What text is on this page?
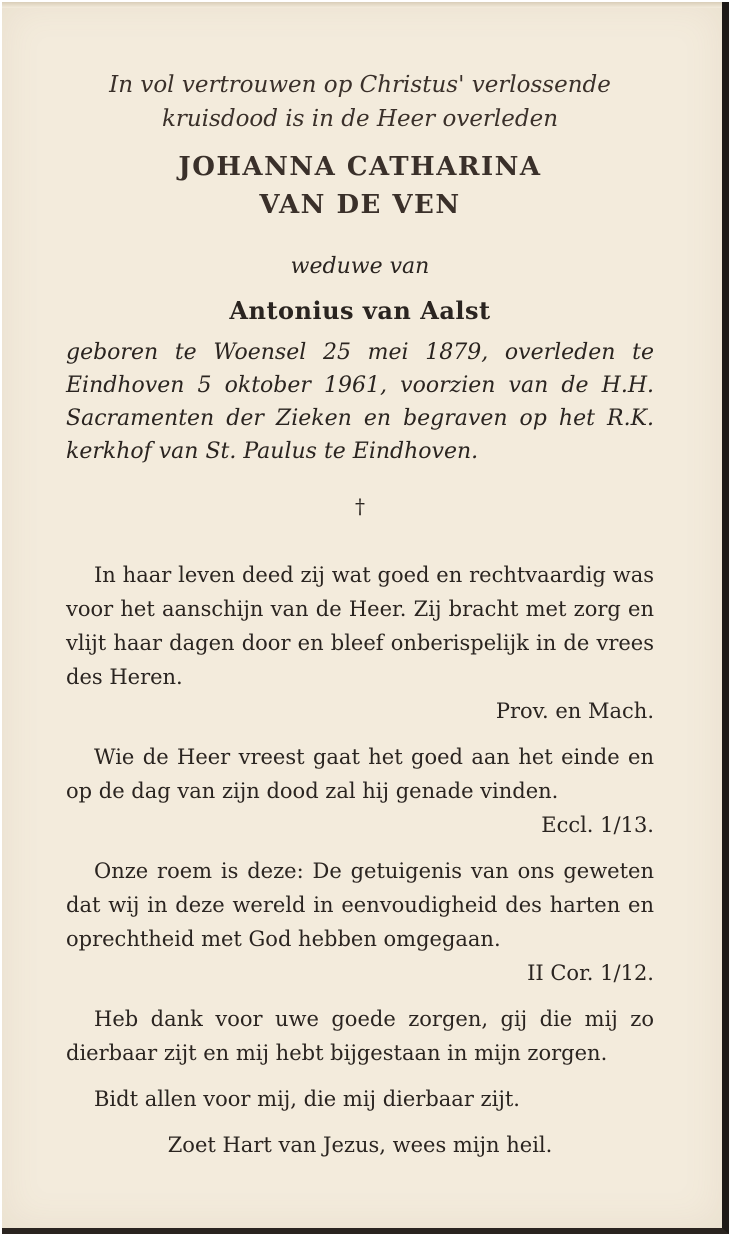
In vol vertrouwen op Christus' verlossende
kruisdood is in de Heer overleden

JOHANNA CATHARINA
VAN DE VEN

weduwe van

Antonius van Aalst

geboren te Woensel 25 mei 1879, overleden te Eindhoven 5 oktober 1961, voorzien van de H.H. Sacramenten der Zieken en begraven op het R.K. kerkhof van St. Paulus te Eindhoven.

†

In haar leven deed zij wat goed en rechtvaardig was voor het aanschijn van de Heer. Zij bracht met zorg en vlijt haar dagen door en bleef onberispelijk in de vrees des Heren.
Prov. en Mach.

Wie de Heer vreest gaat het goed aan het einde en op de dag van zijn dood zal hij genade vinden.
Eccl. 1/13.

Onze roem is deze: De getuigenis van ons geweten dat wij in deze wereld in eenvoudigheid des harten en oprechtheid met God hebben omgegaan.
II Cor. 1/12.

Heb dank voor uwe goede zorgen, gij die mij zo dierbaar zijt en mij hebt bijgestaan in mijn zorgen.

Bidt allen voor mij, die mij dierbaar zijt.

Zoet Hart van Jezus, wees mijn heil.
